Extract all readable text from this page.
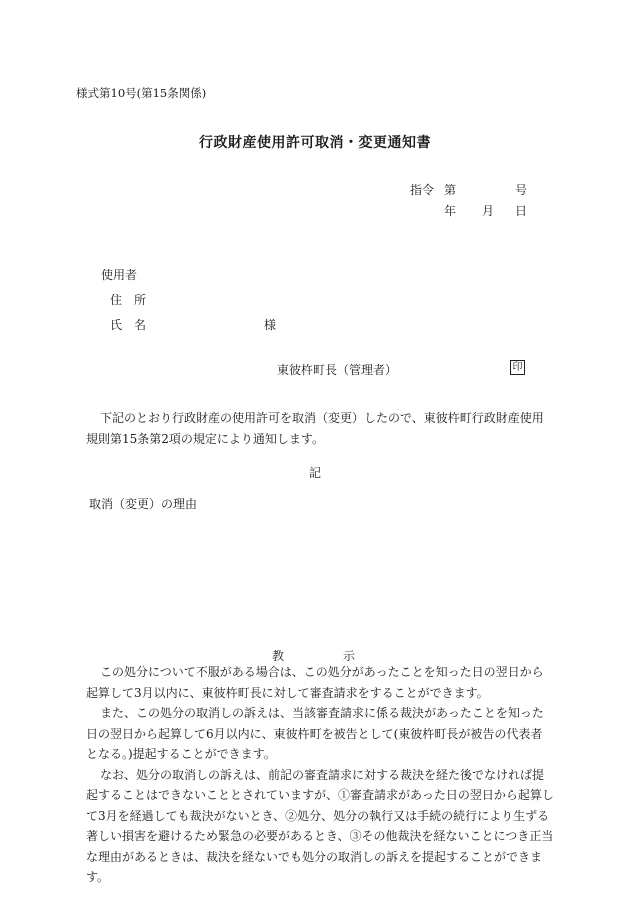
様式第10号(第15条関係)
行政財産使用許可取消・変更通知書
指令 第	号
年 月 日
使用者
住　所
氏　名	様
東彼杵町長（管理者）	印
下記のとおり行政財産の使用許可を取消（変更）したので、東彼杵町行政財産使用規則第15条第2項の規定により通知します。
記
取消（変更）の理由
教	示

この処分について不服がある場合は、この処分があったことを知った日の翌日から起算して3月以内に、東彼杵町長に対して審査請求をすることができます。

また、この処分の取消しの訴えは、当該審査請求に係る裁決があったことを知った日の翌日から起算して6月以内に、東彼杵町を被告として(東彼杵町長が被告の代表者となる。)提起することができます。

なお、処分の取消しの訴えは、前記の審査請求に対する裁決を経た後でなければ提起することはできないこととされていますが、①審査請求があった日の翌日から起算して3月を経過しても裁決がないとき、②処分、処分の執行又は手続の続行により生ずる著しい損害を避けるため緊急の必要があるとき、③その他裁決を経ないことにつき正当な理由があるときは、裁決を経ないでも処分の取消しの訴えを提起することができます。
